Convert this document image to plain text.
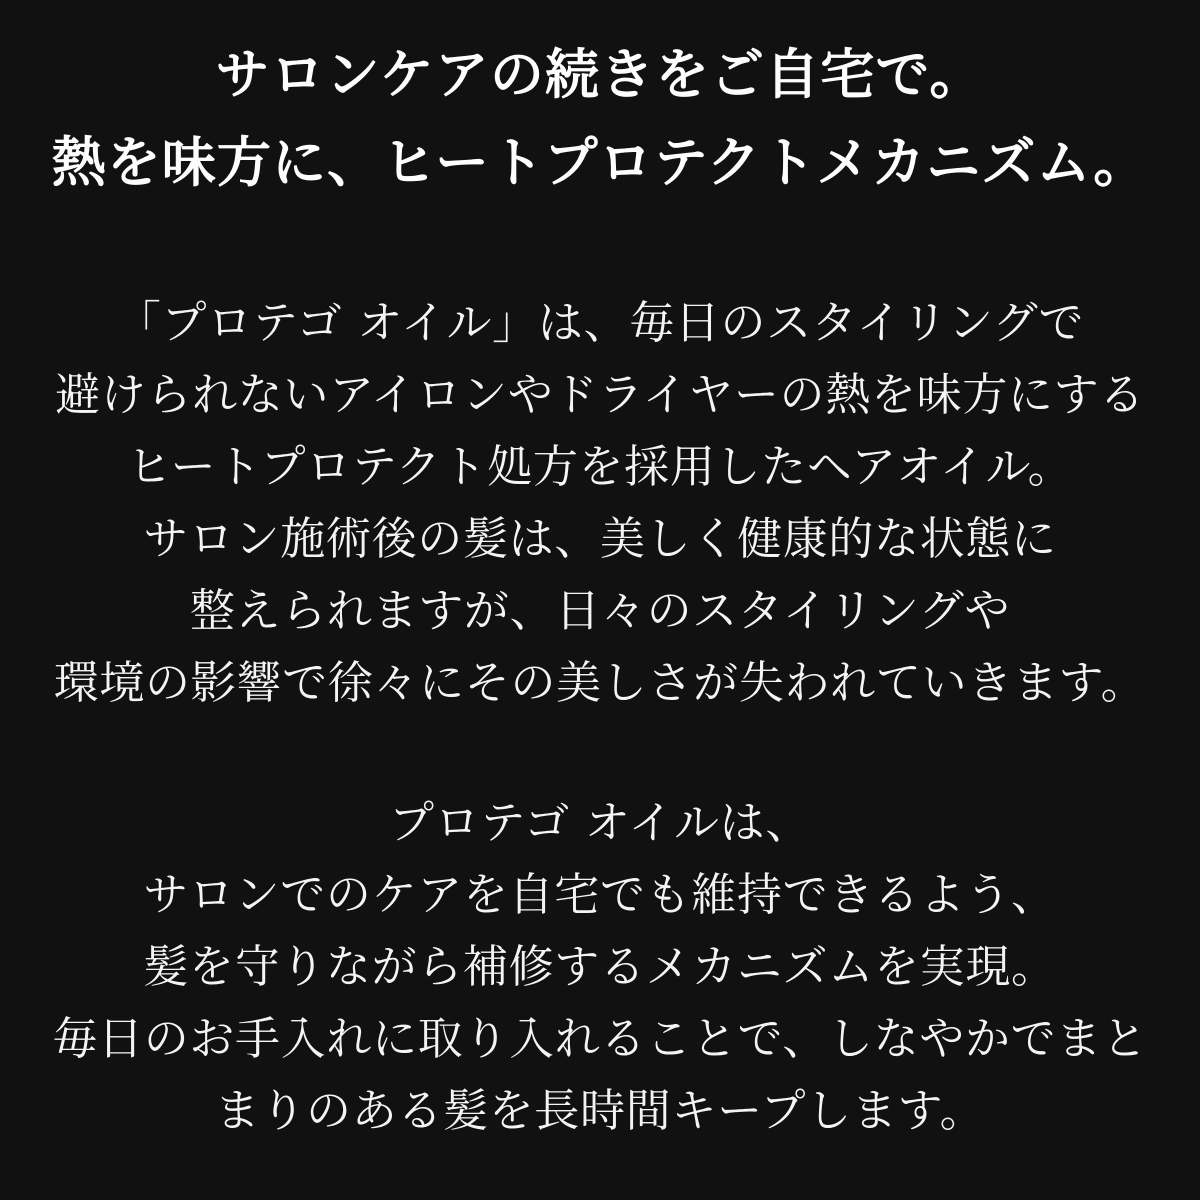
サロンケアの続きをご自宅で。
熱を味方に、ヒートプロテクトメカニズム。

「プロテゴ オイル」は、毎日のスタイリングで
避けられないアイロンやドライヤーの熱を味方にする
ヒートプロテクト処方を採用したヘアオイル。
サロン施術後の髪は、美しく健康的な状態に
整えられますが、日々のスタイリングや
環境の影響で徐々にその美しさが失われていきます。

プロテゴ オイルは、
サロンでのケアを自宅でも維持できるよう、
髪を守りながら補修するメカニズムを実現。
毎日のお手入れに取り入れることで、しなやかでまと
まりのある髪を長時間キープします。
